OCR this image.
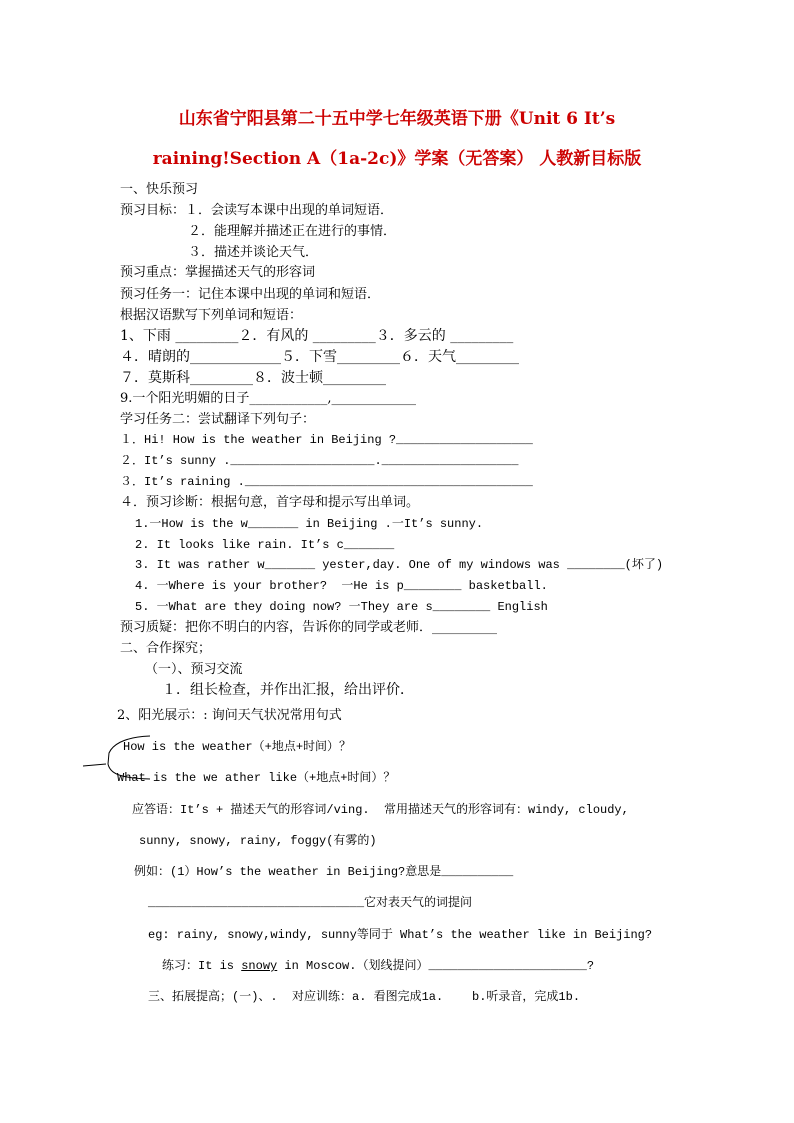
山东省宁阳县第二十五中学七年级英语下册《Unit 6 It’s
raining!Section A（1a-2c)》学案（无答案） 人教新目标版
一、快乐预习
预习目标：１．会读写本课中出现的单词短语．
２．能理解并描述正在进行的事情．
３．描述并谈论天气．
预习重点：掌握描述天气的形容词
预习任务一：记住本课中出现的单词和短语．
根据汉语默写下列单词和短语：
1、下雨 _________２．有风的 _________３．多云的 _________
４．晴朗的_____________５．下雪_________６．天气_________
７．莫斯科_________８．波士顿_________
9.一个阳光明媚的日子____________,_____________
学习任务二：尝试翻译下列句子：
１．Hi! How is the weather in Beijing ?___________________
２．It’s sunny .____________________.___________________
３．It’s raining .________________________________________
４．预习诊断：根据句意，首字母和提示写出单词。
1.一How is the w_______ in Beijing .一It’s sunny.
2. It looks like rain. It’s c_______
3. It was rather w_______ yester,day. One of my windows was ________(坏了)
4. 一Where is your brother?  一He is p________ basketball.
5. 一What are they doing now? 一They are s________ English
预习质疑：把你不明白的内容，告诉你的同学或老师．__________
二、合作探究；
（一）、预习交流
１．组长检查，并作出汇报，给出评价．
2、阳光展示：: 询问天气状况常用句式
How is the weather（+地点+时间）？
What is the we ather like（+地点+时间）？
应答语：It’s + 描述天气的形容词/ving.  常用描述天气的形容词有：windy, cloudy,
sunny, snowy, rainy, foggy(有雾的)
例如：(1）How’s the weather in Beijing?意思是__________
______________________________它对表天气的词提问
eg: rainy, snowy,windy, sunny等同于 What’s the weather like in Beijing?
练习：It is snowy in Moscow.（划线提问）______________________?
三、拓展提高；(一)、.  对应训练：a. 看图完成1a.    b.听录音，完成1b.
